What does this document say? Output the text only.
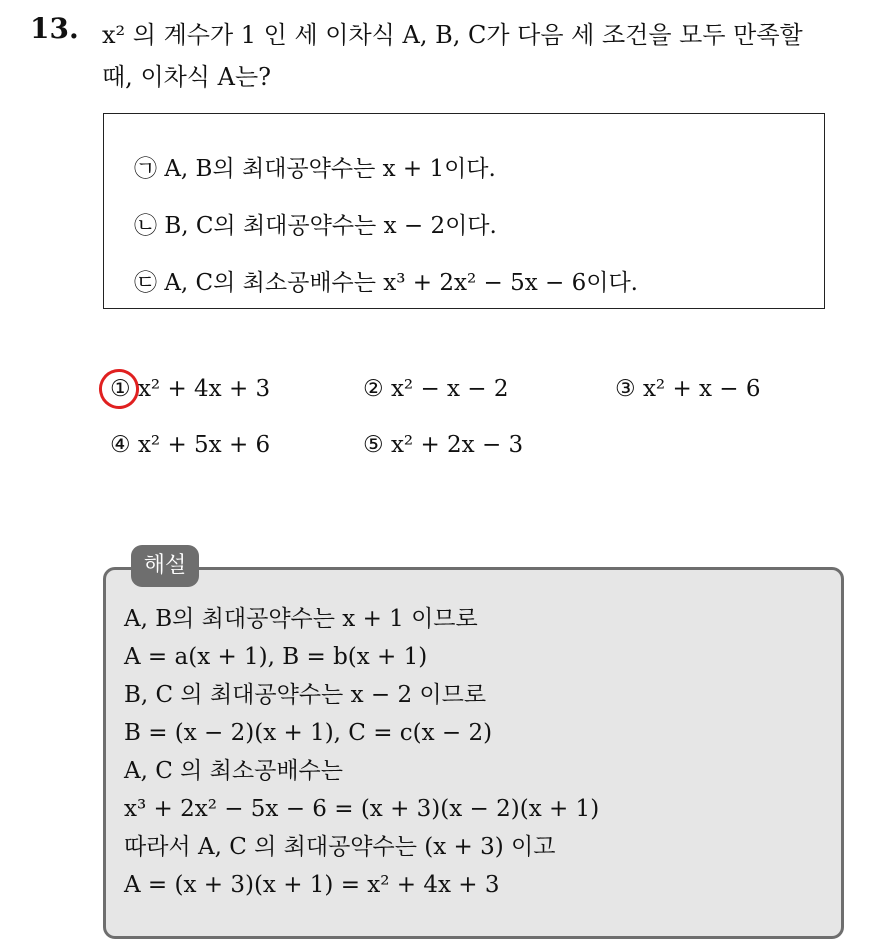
13. x² 의 계수가 1 인 세 이차식 A, B, C가 다음 세 조건을 모두 만족할
때, 이차식 A는?
㉠ A, B의 최대공약수는 x + 1이다.
㉡ B, C의 최대공약수는 x − 2이다.
㉢ A, C의 최소공배수는 x³ + 2x² − 5x − 6이다.
① x² + 4x + 3	② x² − x − 2	③ x² + x − 6
④ x² + 5x + 6	⑤ x² + 2x − 3
해설
A, B의 최대공약수는 x + 1 이므로
A = a(x + 1), B = b(x + 1)
B, C 의 최대공약수는 x − 2 이므로
B = (x − 2)(x + 1), C = c(x − 2)
A, C 의 최소공배수는
x³ + 2x² − 5x − 6 = (x + 3)(x − 2)(x + 1)
따라서 A, C 의 최대공약수는 (x + 3) 이고
A = (x + 3)(x + 1) = x² + 4x + 3
